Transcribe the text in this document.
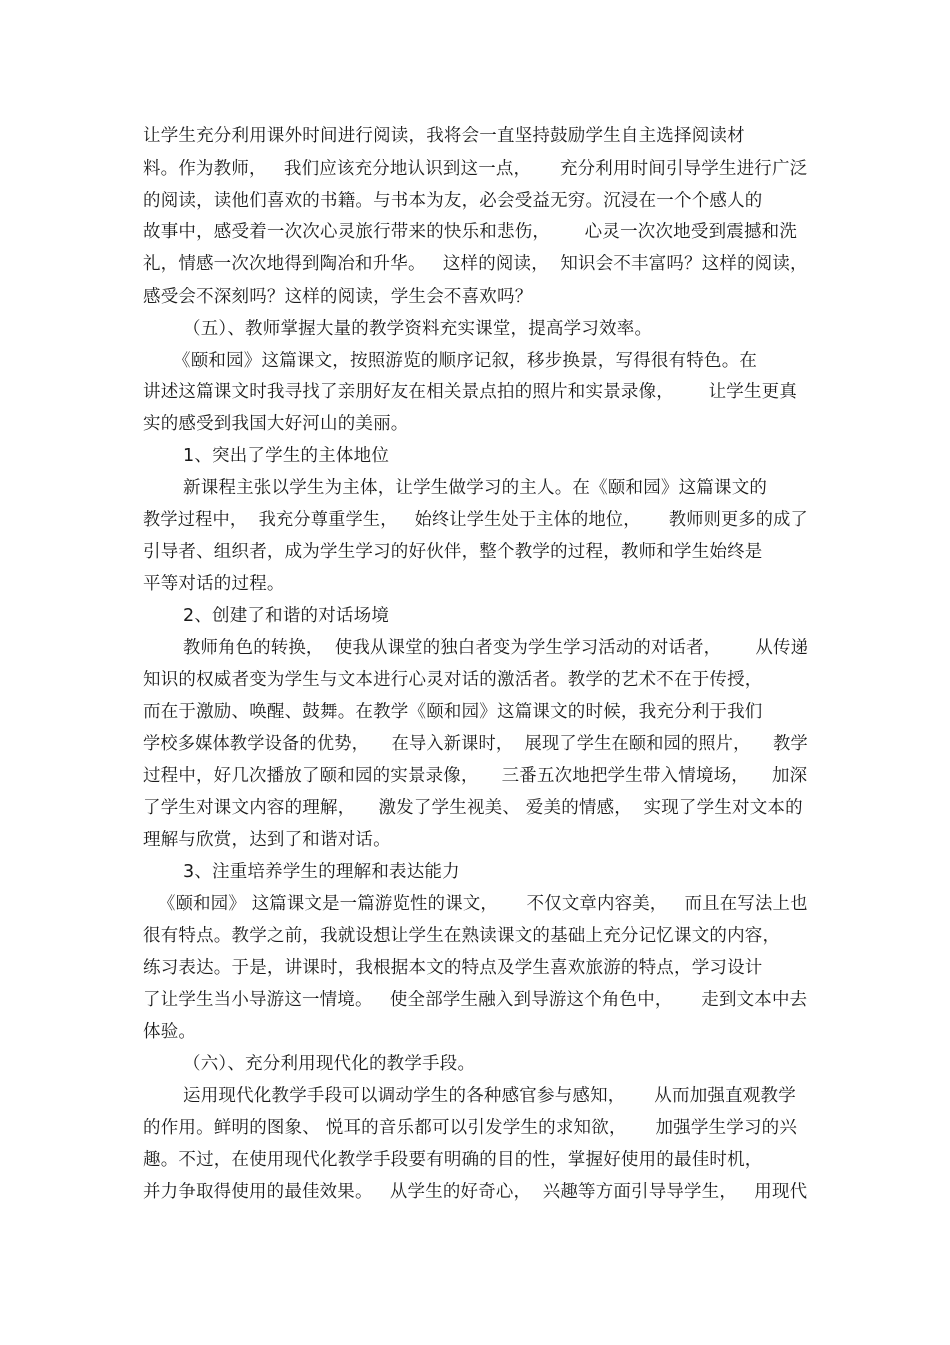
让学生充分利用课外时间进行阅读，我将会一直坚持鼓励学生自主选择阅读材
料。作为教师，   我们应该充分地认识到这一点，     充分利用时间引导学生进行广泛
的阅读，读他们喜欢的书籍。与书本为友，必会受益无穷。沉浸在一个个感人的
故事中，感受着一次次心灵旅行带来的快乐和悲伤，      心灵一次次地受到震撼和洗
礼，情感一次次地得到陶冶和升华。   这样的阅读，  知识会不丰富吗？这样的阅读，
感受会不深刻吗？这样的阅读，学生会不喜欢吗？
（五）、教师掌握大量的教学资料充实课堂，提高学习效率。
《颐和园》这篇课文，按照游览的顺序记叙，移步换景，写得很有特色。在
讲述这篇课文时我寻找了亲朋好友在相关景点拍的照片和实景录像，      让学生更真
实的感受到我国大好河山的美丽。
1、突出了学生的主体地位
新课程主张以学生为主体，让学生做学习的主人。在《颐和园》这篇课文的
教学过程中，  我充分尊重学生，   始终让学生处于主体的地位，     教师则更多的成了
引导者、组织者，成为学生学习的好伙伴，整个教学的过程，教师和学生始终是
平等对话的过程。
2、创建了和谐的对话场境
教师角色的转换，  使我从课堂的独白者变为学生学习活动的对话者，      从传递
知识的权威者变为学生与文本进行心灵对话的激活者。教学的艺术不在于传授，
而在于激励、唤醒、鼓舞。在教学《颐和园》这篇课文的时候，我充分利于我们
学校多媒体教学设备的优势，    在导入新课时，  展现了学生在颐和园的照片，    教学
过程中，好几次播放了颐和园的实景录像，    三番五次地把学生带入情境场，    加深
了学生对课文内容的理解，    激发了学生视美、 爱美的情感，  实现了学生对文本的
理解与欣赏，达到了和谐对话。
3、注重培养学生的理解和表达能力
《颐和园》 这篇课文是一篇游览性的课文，     不仅文章内容美，   而且在写法上也
很有特点。教学之前，我就设想让学生在熟读课文的基础上充分记忆课文的内容，
练习表达。于是，讲课时，我根据本文的特点及学生喜欢旅游的特点，学习设计
了让学生当小导游这一情境。   使全部学生融入到导游这个角色中，     走到文本中去
体验。
（六）、充分利用现代化的教学手段。
运用现代化教学手段可以调动学生的各种感官参与感知，     从而加强直观教学
的作用。鲜明的图象、 悦耳的音乐都可以引发学生的求知欲，     加强学生学习的兴
趣。不过，在使用现代化教学手段要有明确的目的性，掌握好使用的最佳时机，
并力争取得使用的最佳效果。   从学生的好奇心，  兴趣等方面引导导学生，   用现代
